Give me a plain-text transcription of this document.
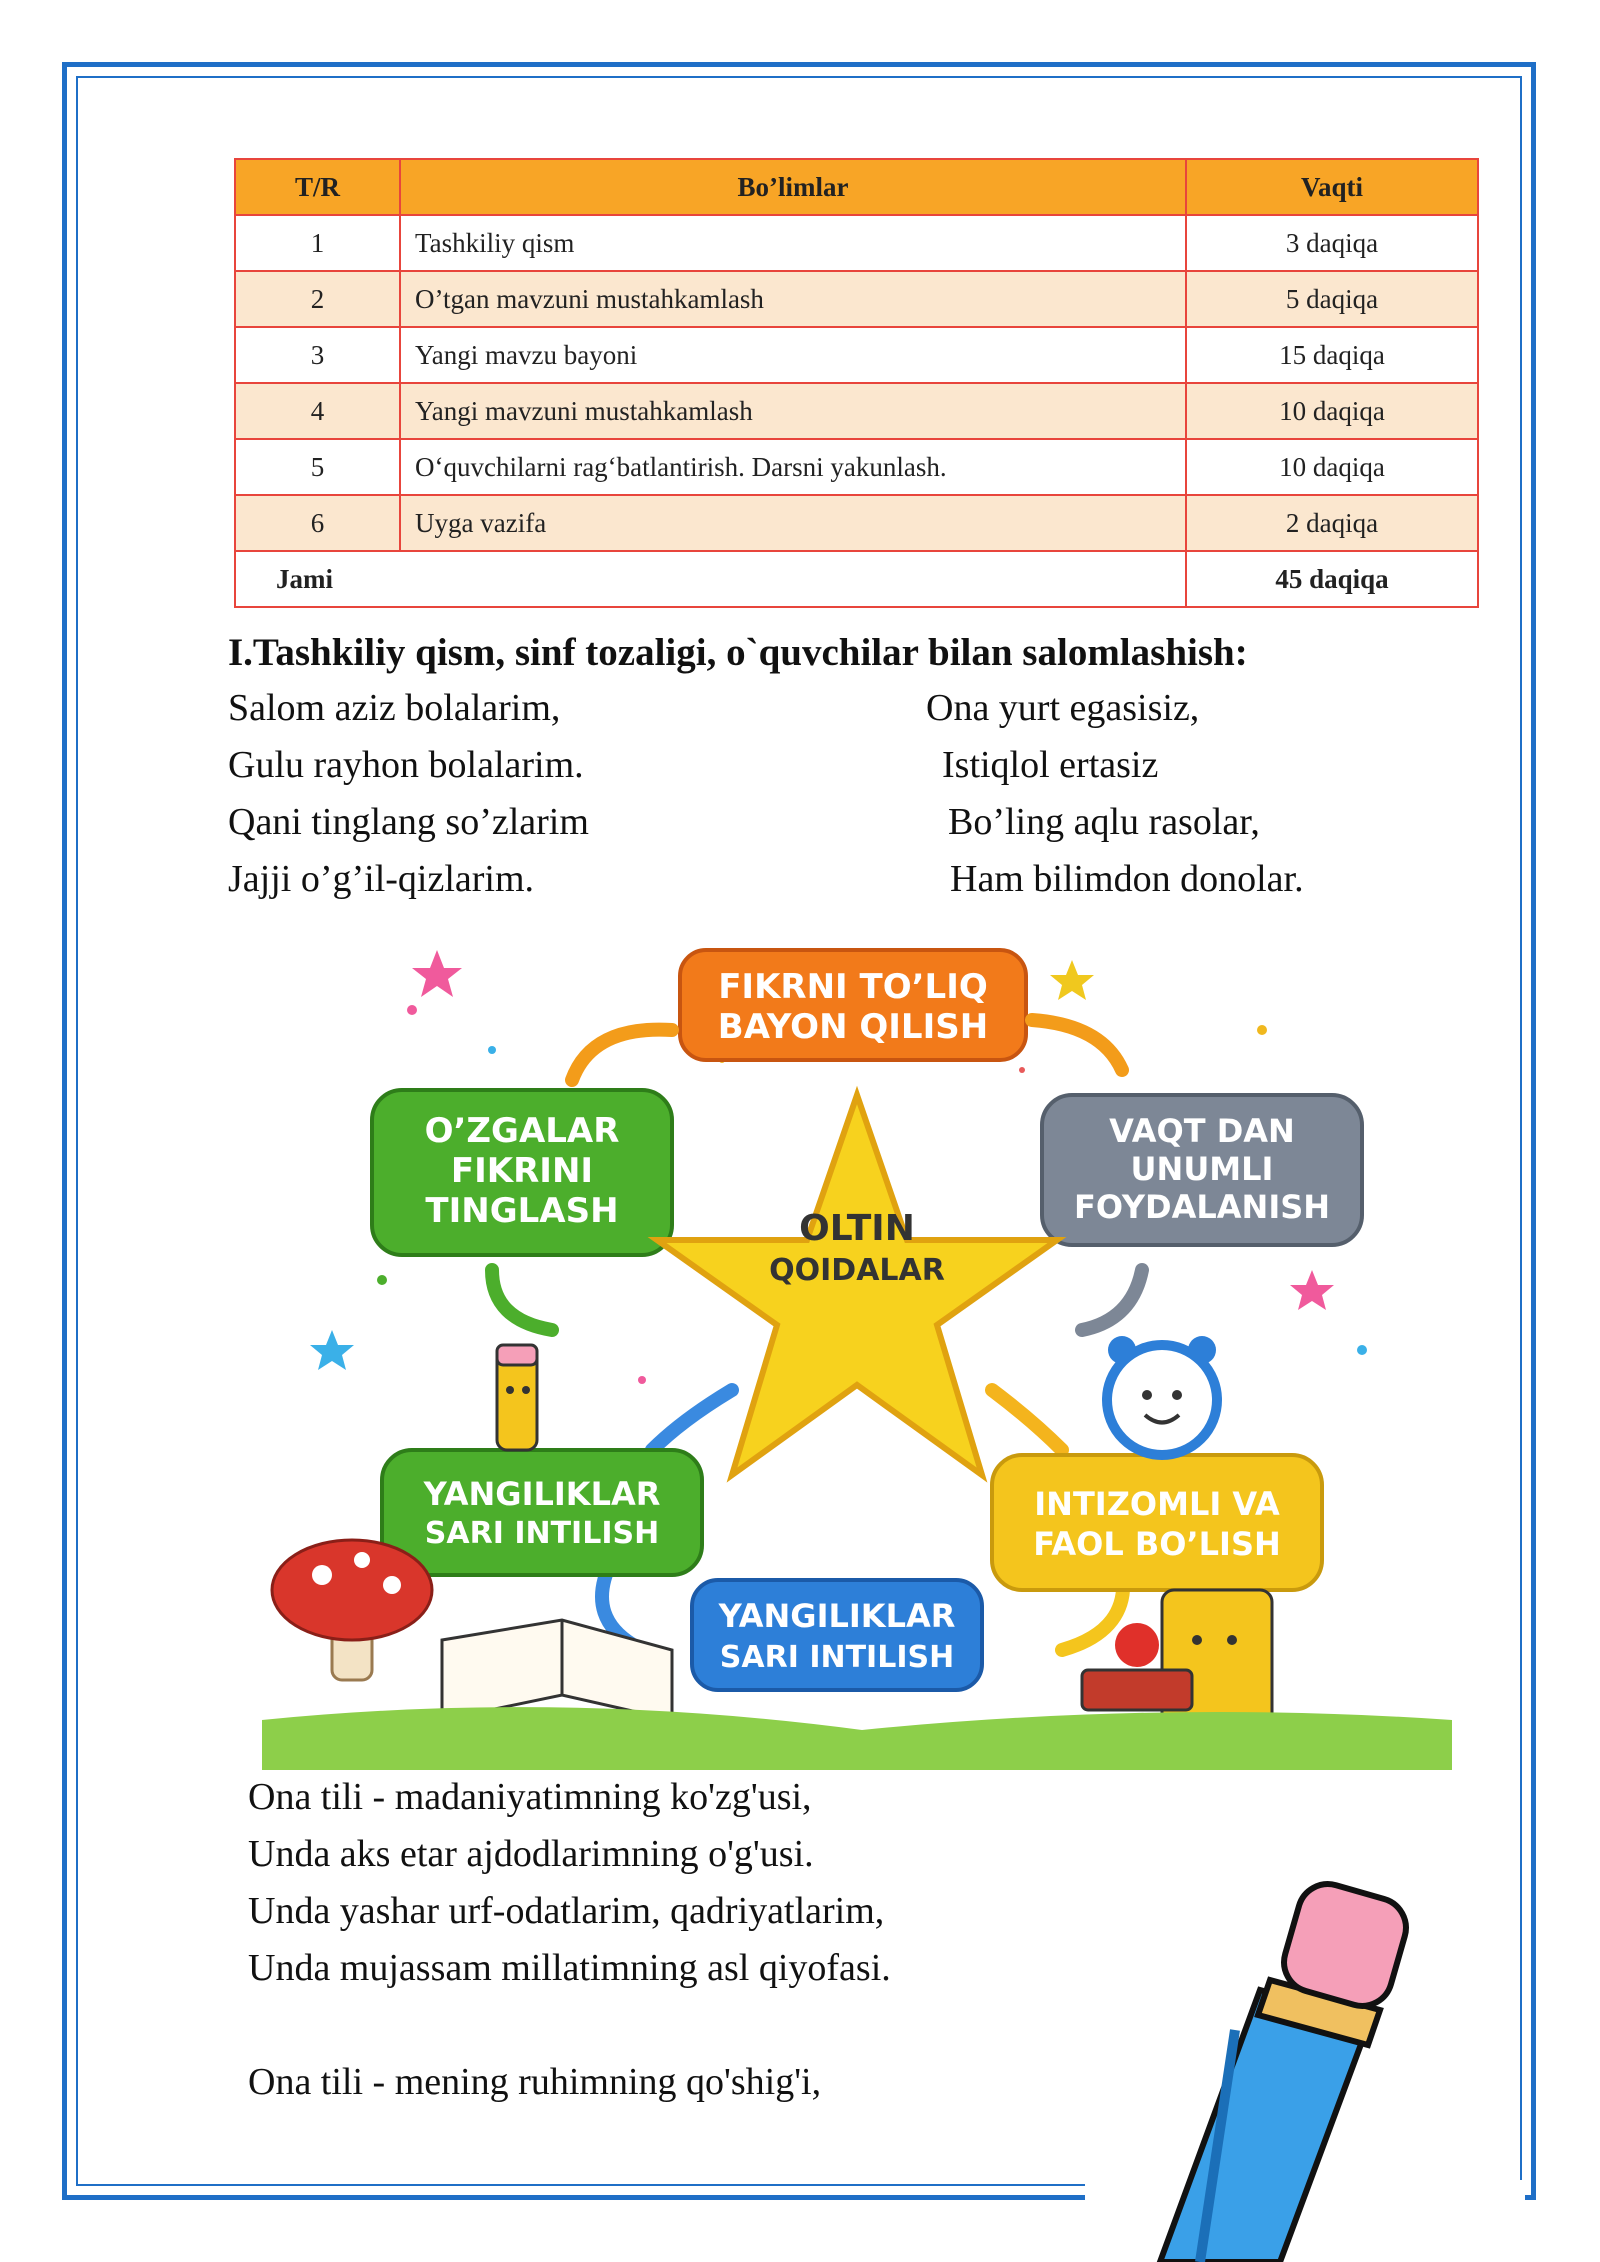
T/R	Bo’limlar	Vaqti
1	Tashkiliy qism	3 daqiqa
2	O’tgan mavzuni mustahkamlash	5 daqiqa
3	Yangi mavzu bayoni	15 daqiqa
4	Yangi mavzuni mustahkamlash	10 daqiqa
5	O‘quvchilarni rag‘batlantirish. Darsni yakunlash.	10 daqiqa
6	Uyga vazifa	2 daqiqa
Jami		45 daqiqa
I.Tashkiliy qism, sinf tozaligi, o`quvchilar bilan salomlashish:
Salom aziz bolalarim,
Gulu rayhon bolalarim.
Qani tinglang so’zlarim
Jajji o’g’il-qizlarim.
Ona yurt egasisiz,
Istiqlol ertasiz
Bo’ling aqlu rasolar,
Ham bilimdon donolar.
FIKRNI TO’LIQ
BAYON QILISH
O’ZGALAR
FIKRINI
TINGLASH
VAQT DAN
UNUMLI
FOYDALANISH
OLTIN
QOIDALAR
YANGILIKLAR
SARI INTILISH
INTIZOMLI VA
FAOL BO’LISH
YANGILIKLAR
SARI INTILISH
Ona tili - madaniyatimning ko'zg'usi,
Unda aks etar ajdodlarimning o'g'usi.
Unda yashar urf-odatlarim, qadriyatlarim,
Unda mujassam millatimning asl qiyofasi.
Ona tili - mening ruhimning qo'shig'i,
